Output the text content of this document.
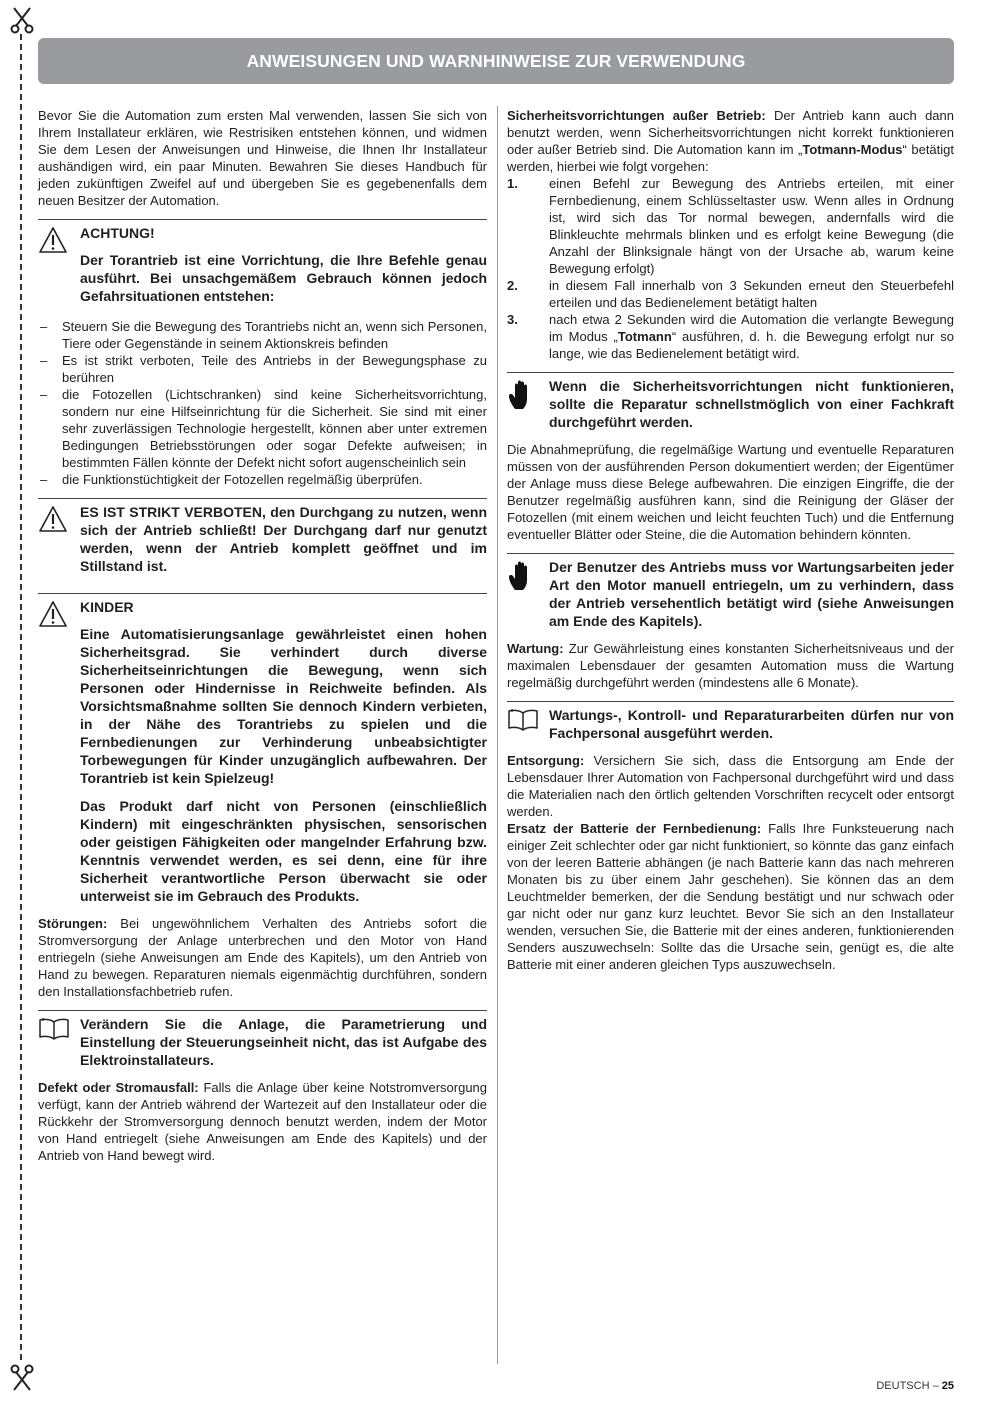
ANWEISUNGEN UND WARNHINWEISE ZUR VERWENDUNG

Bevor Sie die Automation zum ersten Mal verwenden, lassen Sie sich von Ihrem Installateur erklären, wie Restrisiken entstehen können, und widmen Sie dem Lesen der Anweisungen und Hinweise, die Ihnen Ihr Installateur aushändigen wird, ein paar Minuten. Bewahren Sie dieses Handbuch für jeden zukünftigen Zweifel auf und übergeben Sie es gegebenenfalls dem neuen Besitzer der Automation.

ACHTUNG!

Der Torantrieb ist eine Vorrichtung, die Ihre Befehle genau ausführt. Bei unsachgemäßem Gebrauch können jedoch Gefahrsituationen entstehen:

–	Steuern Sie die Bewegung des Torantriebs nicht an, wenn sich Personen, Tiere oder Gegenstände in seinem Aktionskreis befinden
–	Es ist strikt verboten, Teile des Antriebs in der Bewegungsphase zu berühren
–	die Fotozellen (Lichtschranken) sind keine Sicherheitsvorrichtung, sondern nur eine Hilfseinrichtung für die Sicherheit. Sie sind mit einer sehr zuverlässigen Technologie hergestellt, können aber unter extremen Bedingungen Betriebsstörungen oder sogar Defekte aufweisen; in bestimmten Fällen könnte der Defekt nicht sofort augenscheinlich sein
–	die Funktionstüchtigkeit der Fotozellen regelmäßig überprüfen.

ES IST STRIKT VERBOTEN, den Durchgang zu nutzen, wenn sich der Antrieb schließt! Der Durchgang darf nur genutzt werden, wenn der Antrieb komplett geöffnet und im Stillstand ist.

KINDER

Eine Automatisierungsanlage gewährleistet einen hohen Sicherheitsgrad. Sie verhindert durch diverse Sicherheitseinrichtungen die Bewegung, wenn sich Personen oder Hindernisse in Reichweite befinden. Als Vorsichtsmaßnahme sollten Sie dennoch Kindern verbieten, in der Nähe des Torantriebs zu spielen und die Fernbedienungen zur Verhinderung unbeabsichtigter Torbewegungen für Kinder unzugänglich aufbewahren. Der Torantrieb ist kein Spielzeug!

Das Produkt darf nicht von Personen (einschließlich Kindern) mit eingeschränkten physischen, sensorischen oder geistigen Fähigkeiten oder mangelnder Erfahrung bzw. Kenntnis verwendet werden, es sei denn, eine für ihre Sicherheit verantwortliche Person überwacht sie oder unterweist sie im Gebrauch des Produkts.

Störungen: Bei ungewöhnlichem Verhalten des Antriebs sofort die Stromversorgung der Anlage unterbrechen und den Motor von Hand entriegeln (siehe Anweisungen am Ende des Kapitels), um den Antrieb von Hand zu bewegen. Reparaturen niemals eigenmächtig durchführen, sondern den Installationsfachbetrieb rufen.

Verändern Sie die Anlage, die Parametrierung und Einstellung der Steuerungseinheit nicht, das ist Aufgabe des Elektroinstallateurs.

Defekt oder Stromausfall: Falls die Anlage über keine Notstromversorgung verfügt, kann der Antrieb während der Wartezeit auf den Installateur oder die Rückkehr der Stromversorgung dennoch benutzt werden, indem der Motor von Hand entriegelt (siehe Anweisungen am Ende des Kapitels) und der Antrieb von Hand bewegt wird.

Sicherheitsvorrichtungen außer Betrieb: Der Antrieb kann auch dann benutzt werden, wenn Sicherheitsvorrichtungen nicht korrekt funktionieren oder außer Betrieb sind. Die Automation kann im „Totmann-Modus“ betätigt werden, hierbei wie folgt vorgehen:

1.	einen Befehl zur Bewegung des Antriebs erteilen, mit einer Fernbedienung, einem Schlüsseltaster usw. Wenn alles in Ordnung ist, wird sich das Tor normal bewegen, andernfalls wird die Blinkleuchte mehrmals blinken und es erfolgt keine Bewegung (die Anzahl der Blinksignale hängt von der Ursache ab, warum keine Bewegung erfolgt)
2.	in diesem Fall innerhalb von 3 Sekunden erneut den Steuerbefehl erteilen und das Bedienelement betätigt halten
3.	nach etwa 2 Sekunden wird die Automation die verlangte Bewegung im Modus „Totmann“ ausführen, d. h. die Bewegung erfolgt nur so lange, wie das Bedienelement betätigt wird.

Wenn die Sicherheitsvorrichtungen nicht funktionieren, sollte die Reparatur schnellstmöglich von einer Fachkraft durchgeführt werden.

Die Abnahmeprüfung, die regelmäßige Wartung und eventuelle Reparaturen müssen von der ausführenden Person dokumentiert werden; der Eigentümer der Anlage muss diese Belege aufbewahren. Die einzigen Eingriffe, die der Benutzer regelmäßig ausführen kann, sind die Reinigung der Gläser der Fotozellen (mit einem weichen und leicht feuchten Tuch) und die Entfernung eventueller Blätter oder Steine, die die Automation behindern könnten.

Der Benutzer des Antriebs muss vor Wartungsarbeiten jeder Art den Motor manuell entriegeln, um zu verhindern, dass der Antrieb versehentlich betätigt wird (siehe Anweisungen am Ende des Kapitels).

Wartung: Zur Gewährleistung eines konstanten Sicherheitsniveaus und der maximalen Lebensdauer der gesamten Automation muss die Wartung regelmäßig durchgeführt werden (mindestens alle 6 Monate).

Wartungs-, Kontroll- und Reparaturarbeiten dürfen nur von Fachpersonal ausgeführt werden.

Entsorgung: Versichern Sie sich, dass die Entsorgung am Ende der Lebensdauer Ihrer Automation von Fachpersonal durchgeführt wird und dass die Materialien nach den örtlich geltenden Vorschriften recycelt oder entsorgt werden.

Ersatz der Batterie der Fernbedienung: Falls Ihre Funksteuerung nach einiger Zeit schlechter oder gar nicht funktioniert, so könnte das ganz einfach von der leeren Batterie abhängen (je nach Batterie kann das nach mehreren Monaten bis zu über einem Jahr geschehen). Sie können das an dem Leuchtmelder bemerken, der die Sendung bestätigt und nur schwach oder gar nicht oder nur ganz kurz leuchtet. Bevor Sie sich an den Installateur wenden, versuchen Sie, die Batterie mit der eines anderen, funktionierenden Senders auszuwechseln: Sollte das die Ursache sein, genügt es, die alte Batterie mit einer anderen gleichen Typs auszuwechseln.

DEUTSCH – 25
